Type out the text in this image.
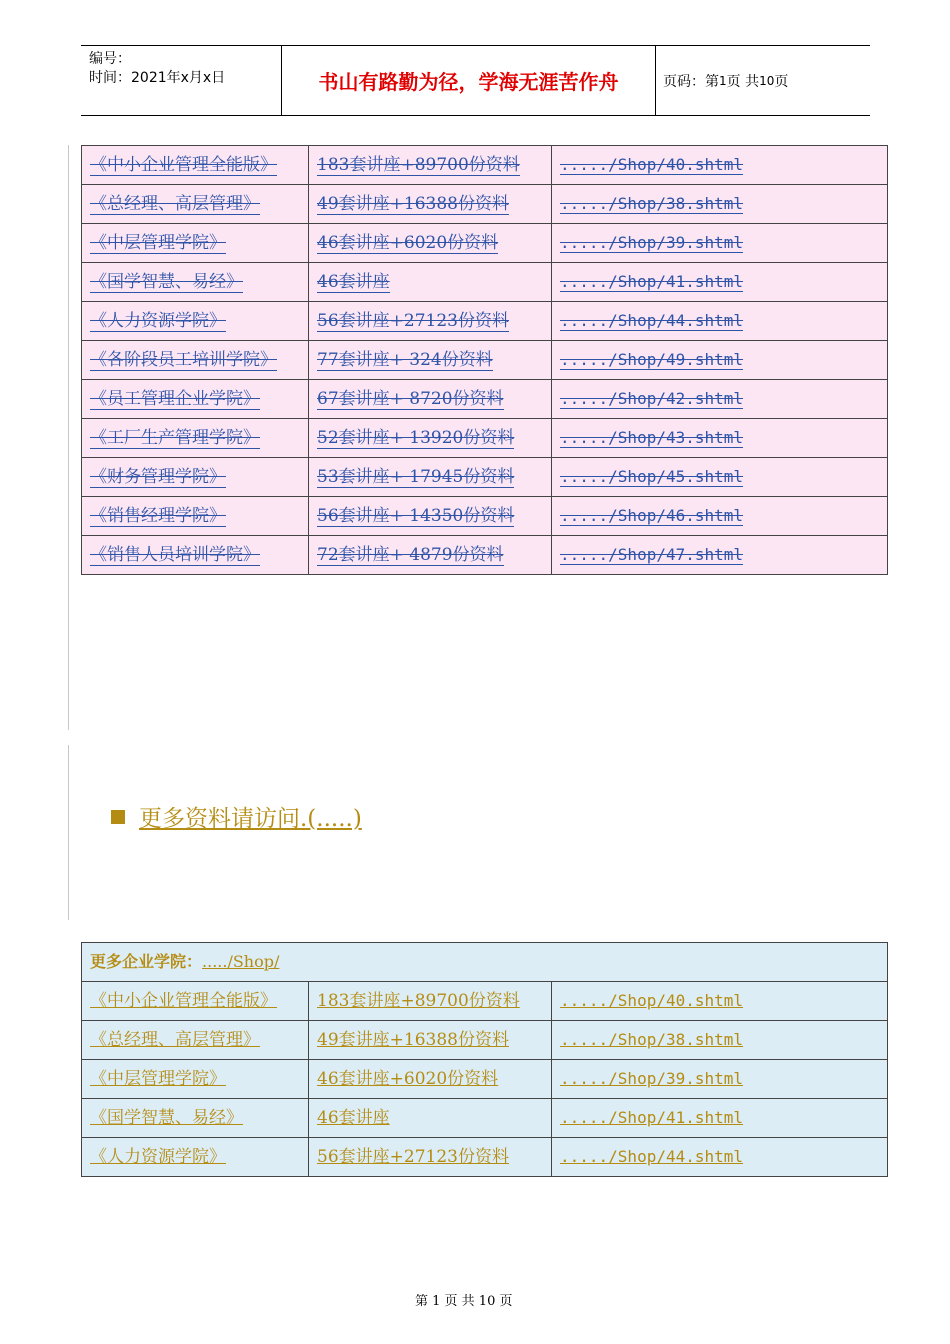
编号：
时间：2021年x月x日	书山有路勤为径，学海无涯苦作舟	页码：第 1 页 共 10 页
《中小企业管理全能版》	183套讲座+89700份资料	...../Shop/40.shtml
《总经理、高层管理》	49套讲座+16388份资料	...../Shop/38.shtml
《中层管理学院》	46套讲座+6020份资料	...../Shop/39.shtml
《国学智慧、易经》	46套讲座	...../Shop/41.shtml
《人力资源学院》	56套讲座+27123份资料	...../Shop/44.shtml
《各阶段员工培训学院》	77套讲座+ 324份资料	...../Shop/49.shtml
《员工管理企业学院》	67套讲座+ 8720份资料	...../Shop/42.shtml
《工厂生产管理学院》	52套讲座+ 13920份资料	...../Shop/43.shtml
《财务管理学院》	53套讲座+ 17945份资料	...../Shop/45.shtml
《销售经理学院》	56套讲座+ 14350份资料	...../Shop/46.shtml
《销售人员培训学院》	72套讲座+ 4879份资料	...../Shop/47.shtml
更多资料请访问.(.....)
更多企业学院：...../Shop/		
《中小企业管理全能版》	183套讲座+89700份资料	...../Shop/40.shtml
《总经理、高层管理》	49套讲座+16388份资料	...../Shop/38.shtml
《中层管理学院》	46套讲座+6020份资料	...../Shop/39.shtml
《国学智慧、易经》	46套讲座	...../Shop/41.shtml
《人力资源学院》	56套讲座+27123份资料	...../Shop/44.shtml
第 1 页 共 10 页
